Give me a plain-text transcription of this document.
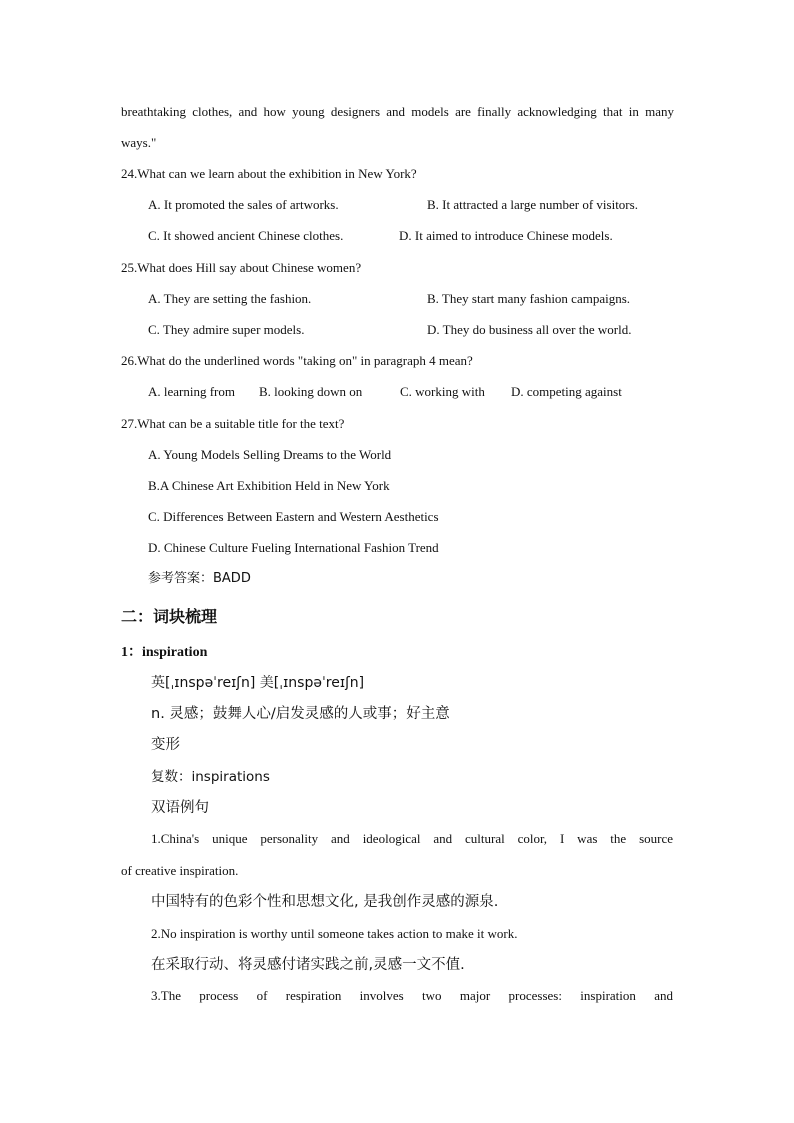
breathtaking clothes, and how young designers and models are finally acknowledging that in many
ways."
24.What can we learn about the exhibition in New York?
A. It promoted the sales of artworks.	B. It attracted a large number of visitors.
C. It showed ancient Chinese clothes.	D. It aimed to introduce Chinese models.
25.What does Hill say about Chinese women?
A. They are setting the fashion.	B. They start many fashion campaigns.
C. They admire super models.	D. They do business all over the world.
26.What do the underlined words "taking on" in paragraph 4 mean?
A. learning from B. looking down on	C. working with D. competing against
27.What can be a suitable title for the text?
A. Young Models Selling Dreams to the World
B.A Chinese Art Exhibition Held in New York
C. Differences Between Eastern and Western Aesthetics
D. Chinese Culture Fueling International Fashion Trend
参考答案：BADD
二：词块梳理
1：inspiration
英[ˌɪnspəˈreɪʃn] 美[ˌɪnspəˈreɪʃn]
n. 灵感；鼓舞人心/启发灵感的人或事；好主意
变形
复数：inspirations
双语例句
1.China's unique personality and ideological and cultural color, I was the source
of creative inspiration.
中国特有的色彩个性和思想文化, 是我创作灵感的源泉.
2.No inspiration is worthy until someone takes action to make it work.
在采取行动、将灵感付诸实践之前,灵感一文不值.
3.The process of respiration involves two major processes: inspiration and
